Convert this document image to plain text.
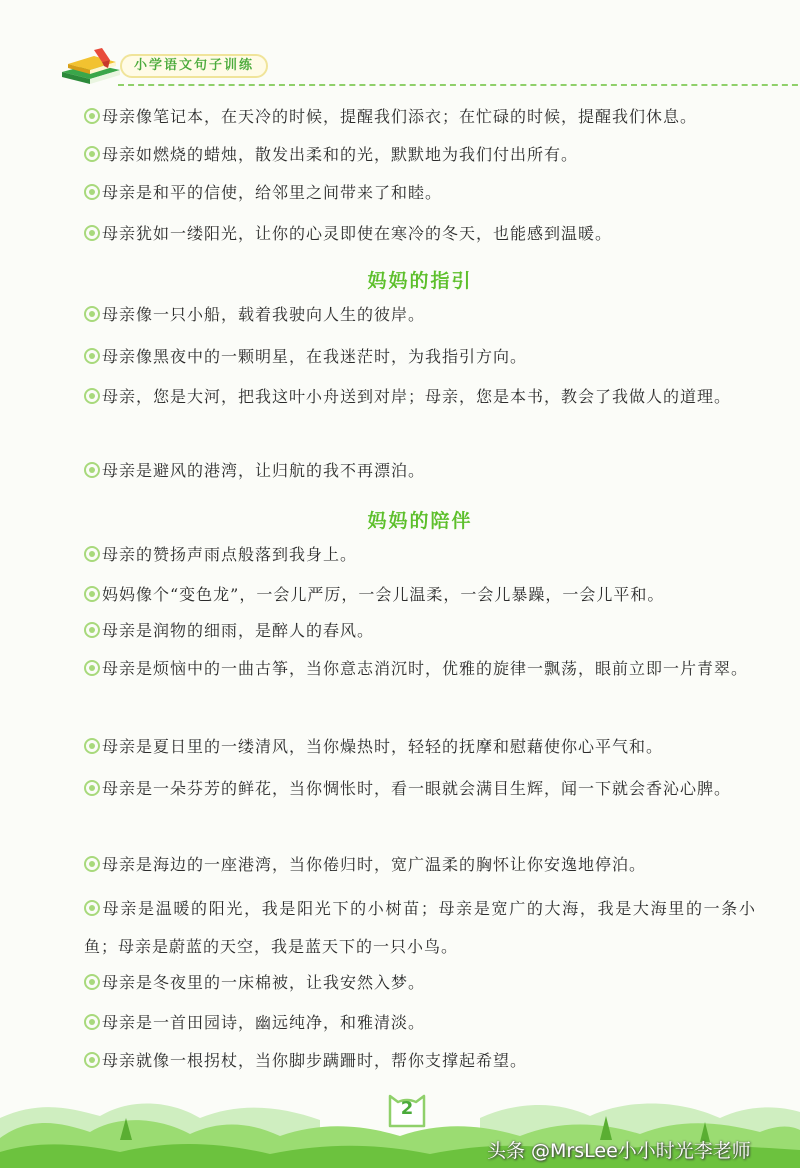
小学语文句子训练
母亲像笔记本，在天冷的时候，提醒我们添衣；在忙碌的时候，提醒我们休息。
母亲如燃烧的蜡烛，散发出柔和的光，默默地为我们付出所有。
母亲是和平的信使，给邻里之间带来了和睦。
母亲犹如一缕阳光，让你的心灵即使在寒冷的冬天，也能感到温暖。
妈妈的指引
母亲像一只小船，载着我驶向人生的彼岸。
母亲像黑夜中的一颗明星，在我迷茫时，为我指引方向。
母亲，您是大河，把我这叶小舟送到对岸；母亲，您是本书，教会了我做人的道理。
母亲是避风的港湾，让归航的我不再漂泊。
妈妈的陪伴
母亲的赞扬声雨点般落到我身上。
妈妈像个“变色龙”，一会儿严厉，一会儿温柔，一会儿暴躁，一会儿平和。
母亲是润物的细雨，是醉人的春风。
母亲是烦恼中的一曲古筝，当你意志消沉时，优雅的旋律一飘荡，眼前立即一片青翠。
母亲是夏日里的一缕清风，当你燥热时，轻轻的抚摩和慰藉使你心平气和。
母亲是一朵芬芳的鲜花，当你惆怅时，看一眼就会满目生辉，闻一下就会香沁心脾。
母亲是海边的一座港湾，当你倦归时，宽广温柔的胸怀让你安逸地停泊。
母亲是温暖的阳光，我是阳光下的小树苗；母亲是宽广的大海，我是大海里的一条小鱼；母亲是蔚蓝的天空，我是蓝天下的一只小鸟。
母亲是冬夜里的一床棉被，让我安然入梦。
母亲是一首田园诗，幽远纯净，和雅清淡。
母亲就像一根拐杖，当你脚步蹒跚时，帮你支撑起希望。
2
头条 @MrsLee小小时光李老师
